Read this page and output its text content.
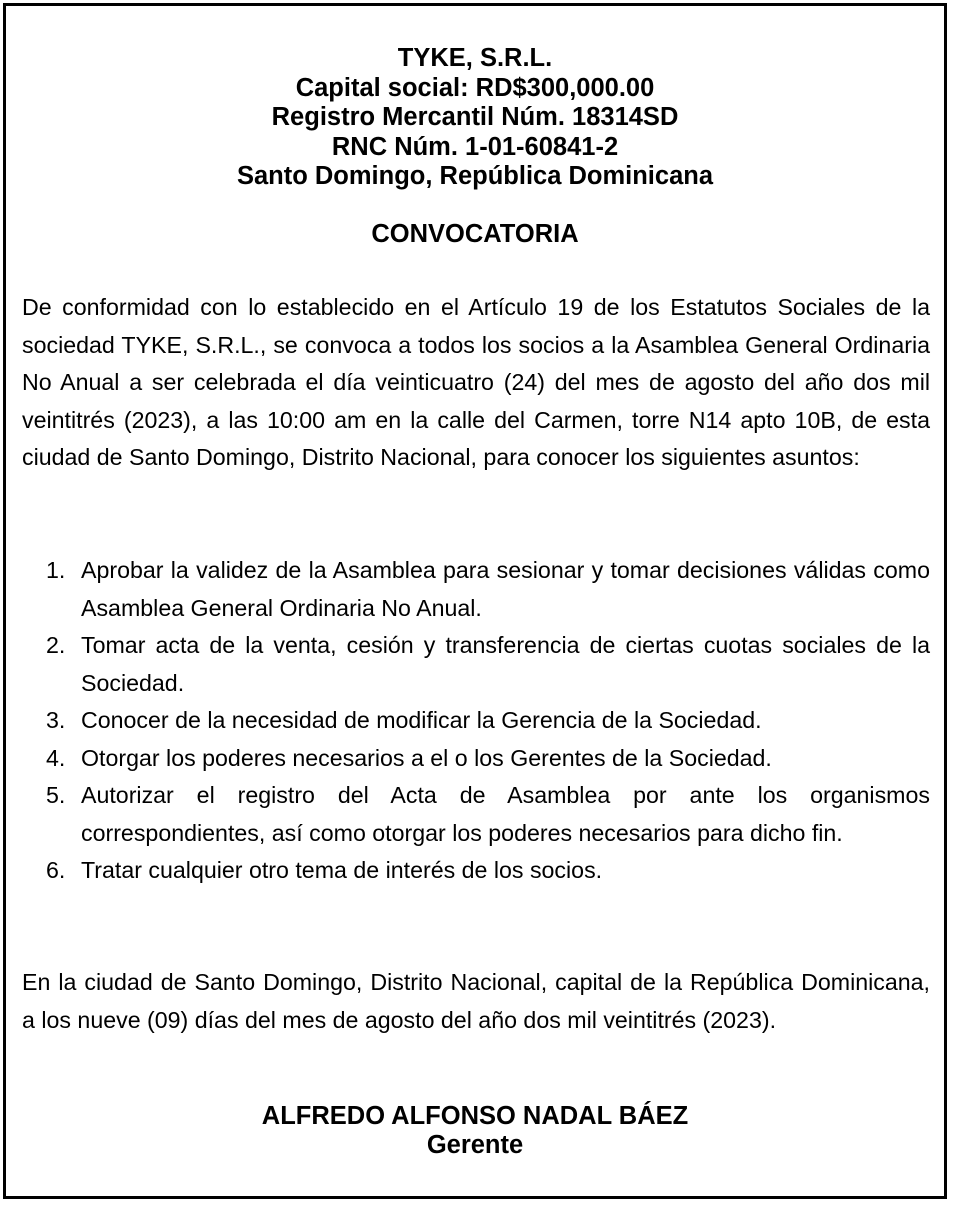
TYKE, S.R.L.
Capital social: RD$300,000.00
Registro Mercantil Núm. 18314SD
RNC Núm. 1-01-60841-2
Santo Domingo, República Dominicana
CONVOCATORIA

De conformidad con lo establecido en el Artículo 19 de los Estatutos Sociales de la sociedad TYKE, S.R.L., se convoca a todos los socios a la Asamblea General Ordinaria No Anual a ser celebrada el día veinticuatro (24) del mes de agosto del año dos mil veintitrés (2023), a las 10:00 am en la calle del Carmen, torre N14 apto 10B, de esta ciudad de Santo Domingo, Distrito Nacional, para conocer los siguientes asuntos:

1. Aprobar la validez de la Asamblea para sesionar y tomar decisiones válidas como Asamblea General Ordinaria No Anual.
2. Tomar acta de la venta, cesión y transferencia de ciertas cuotas sociales de la Sociedad.
3. Conocer de la necesidad de modificar la Gerencia de la Sociedad.
4. Otorgar los poderes necesarios a el o los Gerentes de la Sociedad.
5. Autorizar el registro del Acta de Asamblea por ante los organismos correspondientes, así como otorgar los poderes necesarios para dicho fin.
6. Tratar cualquier otro tema de interés de los socios.

En la ciudad de Santo Domingo, Distrito Nacional, capital de la República Dominicana, a los nueve (09) días del mes de agosto del año dos mil veintitrés (2023).

ALFREDO ALFONSO NADAL BÁEZ
Gerente
